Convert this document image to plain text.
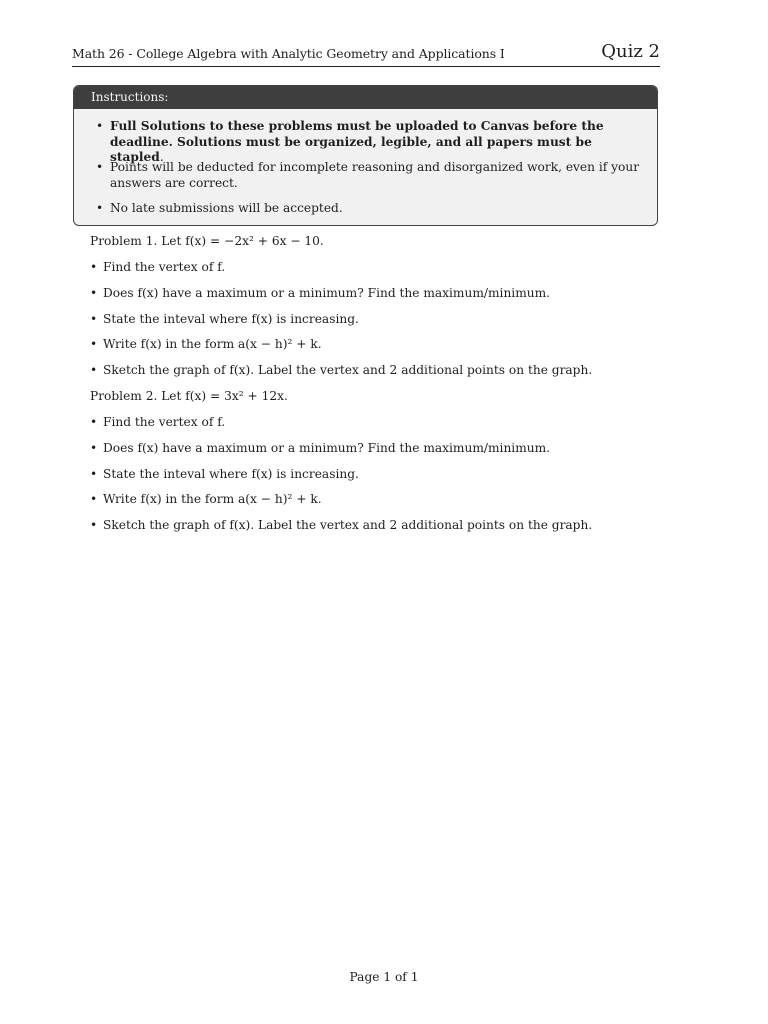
Math 26 - College Algebra with Analytic Geometry and Applications I	Quiz 2
Instructions:
• Full Solutions to these problems must be uploaded to Canvas before the deadline. Solutions must be organized, legible, and all papers must be stapled.
• Points will be deducted for incomplete reasoning and disorganized work, even if your answers are correct.
• No late submissions will be accepted.
Problem 1. Let f(x) = −2x² + 6x − 10.
• Find the vertex of f.
• Does f(x) have a maximum or a minimum? Find the maximum/minimum.
• State the inteval where f(x) is increasing.
• Write f(x) in the form a(x − h)² + k.
• Sketch the graph of f(x). Label the vertex and 2 additional points on the graph.
Problem 2. Let f(x) = 3x² + 12x.
• Find the vertex of f.
• Does f(x) have a maximum or a minimum? Find the maximum/minimum.
• State the inteval where f(x) is increasing.
• Write f(x) in the form a(x − h)² + k.
• Sketch the graph of f(x). Label the vertex and 2 additional points on the graph.
Page 1 of 1
